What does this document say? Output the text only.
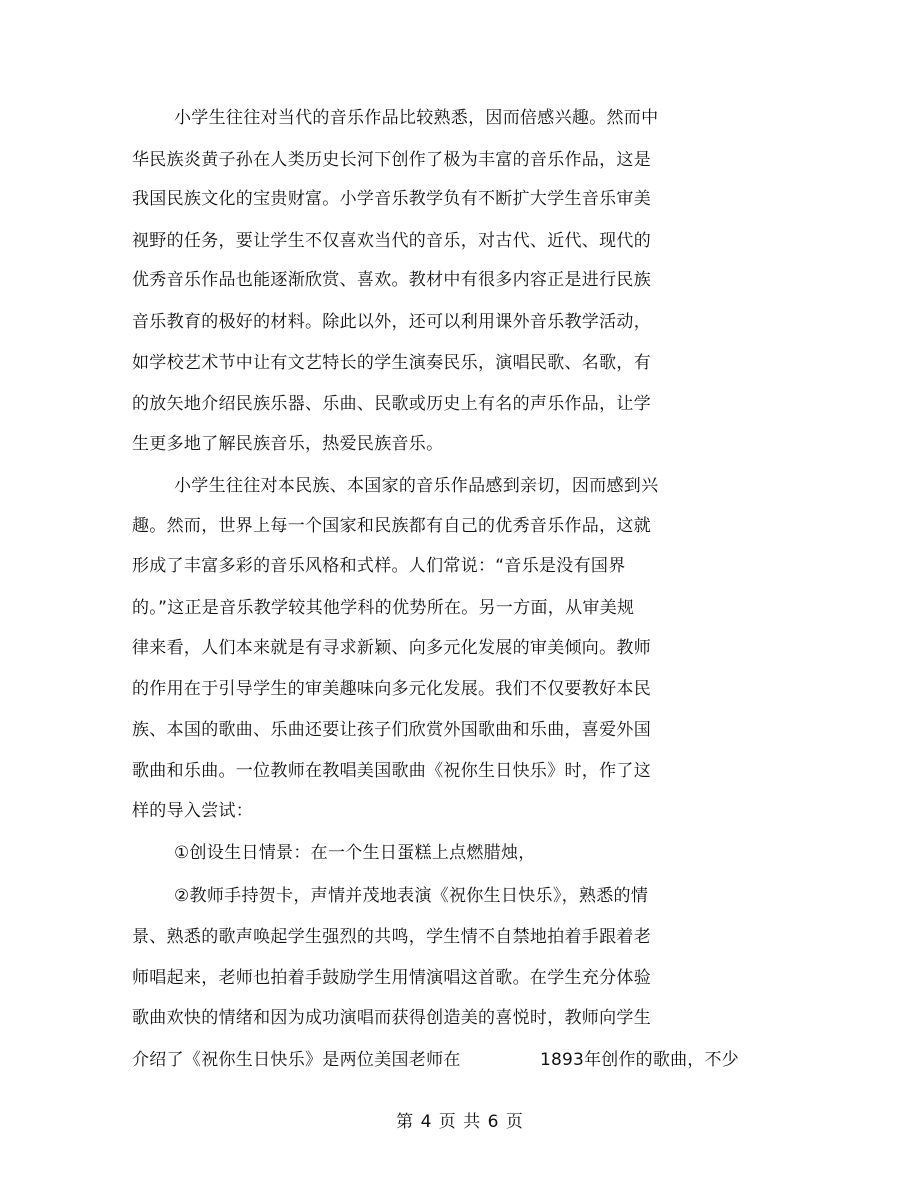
小学生往往对当代的音乐作品比较熟悉，因而倍感兴趣。然而中
华民族炎黄子孙在人类历史长河下创作了极为丰富的音乐作品，这是
我国民族文化的宝贵财富。小学音乐教学负有不断扩大学生音乐审美
视野的任务，要让学生不仅喜欢当代的音乐，对古代、近代、现代的
优秀音乐作品也能逐渐欣赏、喜欢。教材中有很多内容正是进行民族
音乐教育的极好的材料。除此以外，还可以利用课外音乐教学活动，
如学校艺术节中让有文艺特长的学生演奏民乐，演唱民歌、名歌，有
的放矢地介绍民族乐器、乐曲、民歌或历史上有名的声乐作品，让学
生更多地了解民族音乐，热爱民族音乐。
小学生往往对本民族、本国家的音乐作品感到亲切，因而感到兴
趣。然而，世界上每一个国家和民族都有自己的优秀音乐作品，这就
形成了丰富多彩的音乐风格和式样。人们常说：“音乐是没有国界
的。”这正是音乐教学较其他学科的优势所在。另一方面，从审美规
律来看，人们本来就是有寻求新颖、向多元化发展的审美倾向。教师
的作用在于引导学生的审美趣味向多元化发展。我们不仅要教好本民
族、本国的歌曲、乐曲还要让孩子们欣赏外国歌曲和乐曲，喜爱外国
歌曲和乐曲。一位教师在教唱美国歌曲《祝你生日快乐》时，作了这
样的导入尝试：
①创设生日情景：在一个生日蛋糕上点燃腊烛，
②教师手持贺卡，声情并茂地表演《祝你生日快乐》，熟悉的情
景、熟悉的歌声唤起学生强烈的共鸣，学生情不自禁地拍着手跟着老
师唱起来，老师也拍着手鼓励学生用情演唱这首歌。在学生充分体验
歌曲欢快的情绪和因为成功演唱而获得创造美的喜悦时，教师向学生
介绍了《祝你生日快乐》是两位美国老师在	1893年创作的歌曲，不少
第 4 页 共 6 页
